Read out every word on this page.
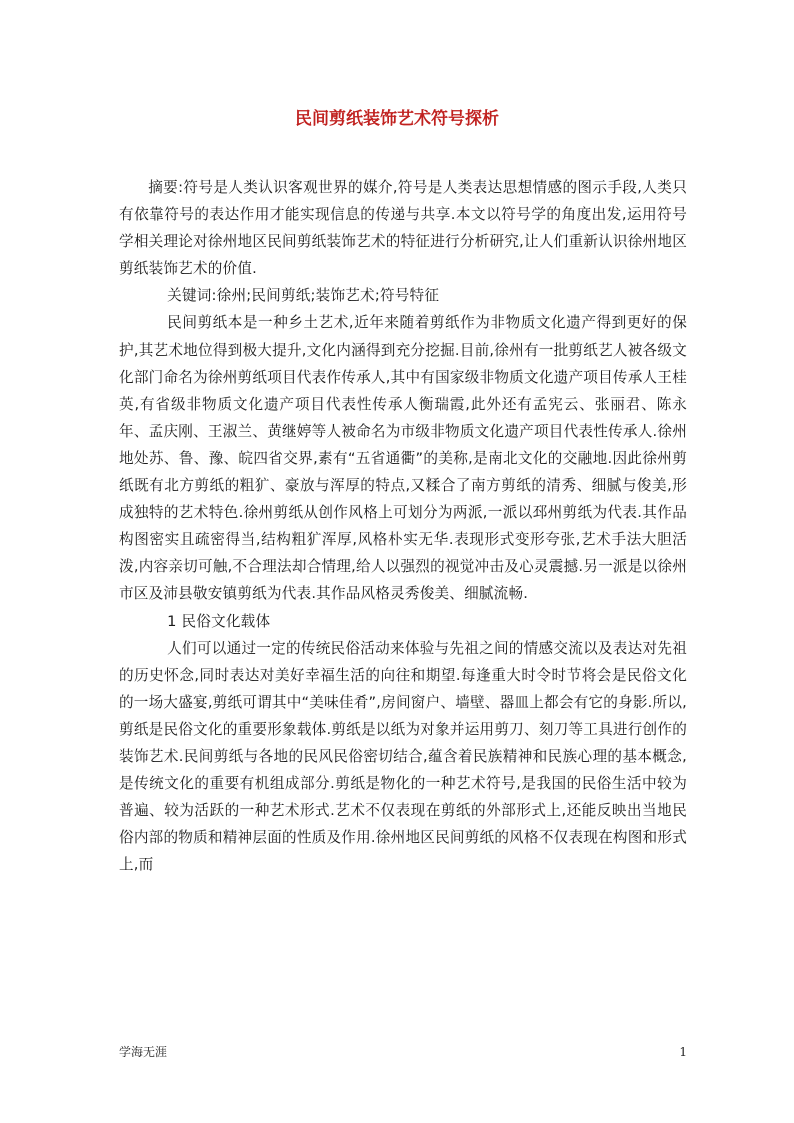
民间剪纸装饰艺术符号探析

摘要:符号是人类认识客观世界的媒介,符号是人类表达思想情感的图示手段,人类只有依靠符号的表达作用才能实现信息的传递与共享.本文以符号学的角度出发,运用符号学相关理论对徐州地区民间剪纸装饰艺术的特征进行分析研究,让人们重新认识徐州地区剪纸装饰艺术的价值.

关键词:徐州;民间剪纸;装饰艺术;符号特征

民间剪纸本是一种乡土艺术,近年来随着剪纸作为非物质文化遗产得到更好的保护,其艺术地位得到极大提升,文化内涵得到充分挖掘.目前,徐州有一批剪纸艺人被各级文化部门命名为徐州剪纸项目代表作传承人,其中有国家级非物质文化遗产项目传承人王桂英,有省级非物质文化遗产项目代表性传承人衡瑞霞,此外还有孟宪云、张丽君、陈永年、孟庆刚、王淑兰、黄继婷等人被命名为市级非物质文化遗产项目代表性传承人.徐州地处苏、鲁、豫、皖四省交界,素有“五省通衢”的美称,是南北文化的交融地.因此徐州剪纸既有北方剪纸的粗犷、豪放与浑厚的特点,又糅合了南方剪纸的清秀、细腻与俊美,形成独特的艺术特色.徐州剪纸从创作风格上可划分为两派,一派以邳州剪纸为代表.其作品构图密实且疏密得当,结构粗犷浑厚,风格朴实无华.表现形式变形夸张,艺术手法大胆活泼,内容亲切可触,不合理法却合情理,给人以强烈的视觉冲击及心灵震撼.另一派是以徐州市区及沛县敬安镇剪纸为代表.其作品风格灵秀俊美、细腻流畅.

1 民俗文化载体

人们可以通过一定的传统民俗活动来体验与先祖之间的情感交流以及表达对先祖的历史怀念,同时表达对美好幸福生活的向往和期望.每逢重大时令时节将会是民俗文化的一场大盛宴,剪纸可谓其中“美味佳肴”,房间窗户、墙壁、器皿上都会有它的身影.所以,剪纸是民俗文化的重要形象载体.剪纸是以纸为对象并运用剪刀、刻刀等工具进行创作的装饰艺术.民间剪纸与各地的民风民俗密切结合,蕴含着民族精神和民族心理的基本概念,是传统文化的重要有机组成部分.剪纸是物化的一种艺术符号,是我国的民俗生活中较为普遍、较为活跃的一种艺术形式.艺术不仅表现在剪纸的外部形式上,还能反映出当地民俗内部的物质和精神层面的性质及作用.徐州地区民间剪纸的风格不仅表现在构图和形式上,而

学海无涯	1
